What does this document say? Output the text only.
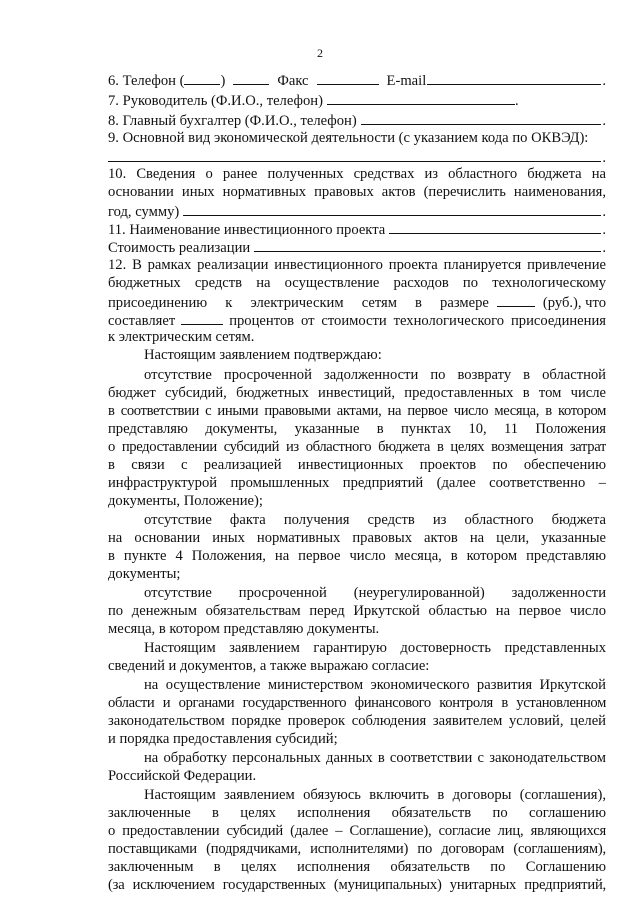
2
6. Телефон ( )	Факс	E-mail	.
7. Руководитель (Ф.И.О., телефон)	.
8. Главный бухгалтер (Ф.И.О., телефон)	.
9. Основной вид экономической деятельности (с указанием кода по ОКВЭД):
.
10. Сведения о ранее полученных средствах из областного бюджета на
основании иных нормативных правовых актов (перечислить наименования,
год, сумму)	.
11. Наименование инвестиционного проекта	.
Стоимость реализации	.
12. В рамках реализации инвестиционного проекта планируется привлечение
бюджетных средств на осуществление расходов по технологическому
присоединению к электрическим сетям в размере	(руб.), что
составляет	процентов от стоимости технологического присоединения
к электрическим сетям.
Настоящим заявлением подтверждаю:
отсутствие просроченной задолженности по возврату в областной
бюджет субсидий, бюджетных инвестиций, предоставленных в том числе
в соответствии с иными правовыми актами, на первое число месяца, в котором
представляю документы, указанные в пунктах 10, 11 Положения
о предоставлении субсидий из областного бюджета в целях возмещения затрат
в связи с реализацией инвестиционных проектов по обеспечению
инфраструктурой промышленных предприятий (далее соответственно –
документы, Положение);
отсутствие факта получения средств из областного бюджета
на основании иных нормативных правовых актов на цели, указанные
в пункте 4 Положения, на первое число месяца, в котором представляю
документы;
отсутствие просроченной (неурегулированной) задолженности
по денежным обязательствам перед Иркутской областью на первое число
месяца, в котором представляю документы.
Настоящим заявлением гарантирую достоверность представленных
сведений и документов, а также выражаю согласие:
на осуществление министерством экономического развития Иркутской
области и органами государственного финансового контроля в установленном
законодательством порядке проверок соблюдения заявителем условий, целей
и порядка предоставления субсидий;
на обработку персональных данных в соответствии с законодательством
Российской Федерации.
Настоящим заявлением обязуюсь включить в договоры (соглашения),
заключенные в целях исполнения обязательств по соглашению
о предоставлении субсидий (далее – Соглашение), согласие лиц, являющихся
поставщиками (подрядчиками, исполнителями) по договорам (соглашениям),
заключенным в целях исполнения обязательств по Соглашению
(за исключением государственных (муниципальных) унитарных предприятий,
